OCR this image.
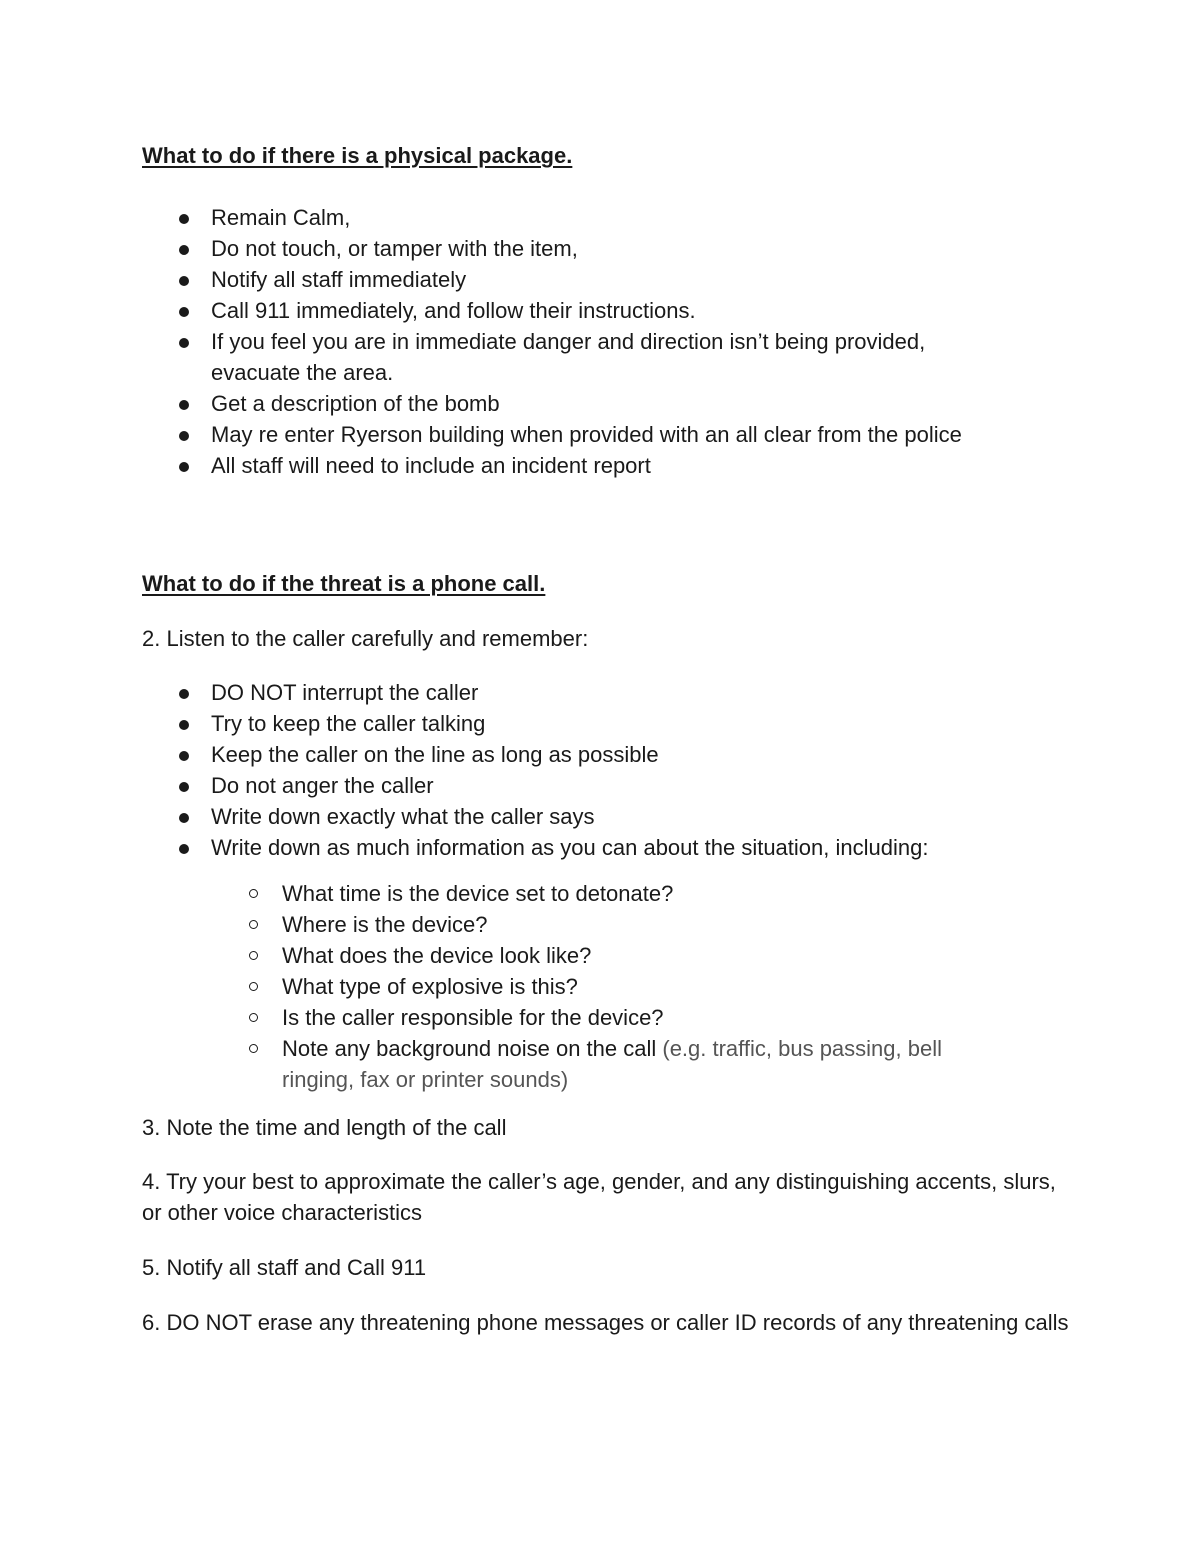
What to do if there is a physical package.
Remain Calm,
Do not touch, or tamper with the item,
Notify all staff immediately
Call 911 immediately, and follow their instructions.
If you feel you are in immediate danger and direction isn’t being provided, evacuate the area.
Get a description of the bomb
May re enter Ryerson building when provided with an all clear from the police
All staff will need to include an incident report
What to do if the threat is a phone call.

2. Listen to the caller carefully and remember:

DO NOT interrupt the caller
Try to keep the caller talking
Keep the caller on the line as long as possible
Do not anger the caller
Write down exactly what the caller says
Write down as much information as you can about the situation, including:
What time is the device set to detonate?
Where is the device?
What does the device look like?
What type of explosive is this?
Is the caller responsible for the device?
Note any background noise on the call (e.g. traffic, bus passing, bell ringing, fax or printer sounds)

3. Note the time and length of the call

4. Try your best to approximate the caller’s age, gender, and any distinguishing accents, slurs, or other voice characteristics

5. Notify all staff and Call 911

6. DO NOT erase any threatening phone messages or caller ID records of any threatening calls
